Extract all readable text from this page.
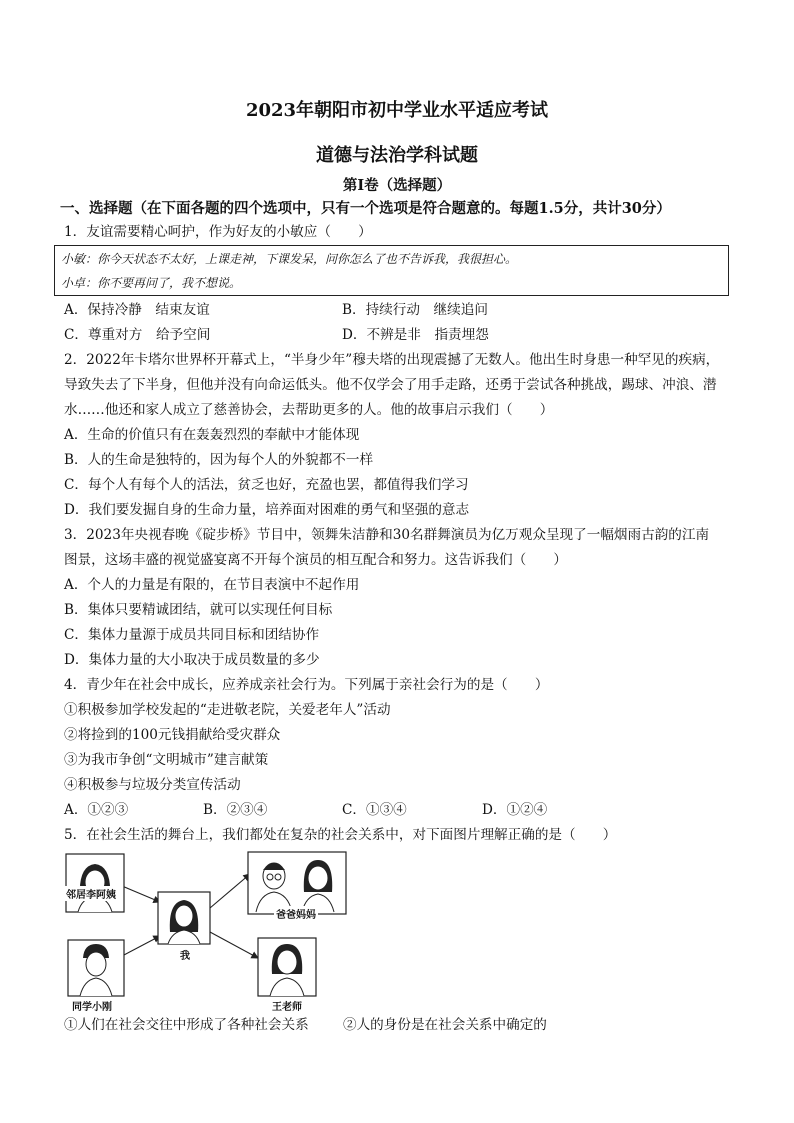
2023年朝阳市初中学业水平适应考试
道德与法治学科试题
第I卷（选择题）
一、选择题（在下面各题的四个选项中，只有一个选项是符合题意的。每题1.5分，共计30分）
1．友谊需要精心呵护，作为好友的小敏应（　　）
小敏：你今天状态不太好，上课走神，下课发呆，问你怎么了也不告诉我，我很担心。
小卓：你不要再问了，我不想说。
A．保持冷静　结束友谊	B．持续行动　继续追问
C．尊重对方　给予空间	D．不辨是非　指责埋怨
2．2022年卡塔尔世界杯开幕式上，“半身少年”穆夫塔的出现震撼了无数人。他出生时身患一种罕见的疾病，
导致失去了下半身，但他并没有向命运低头。他不仅学会了用手走路，还勇于尝试各种挑战，踢球、冲浪、潜
水……他还和家人成立了慈善协会，去帮助更多的人。他的故事启示我们（　　）
A．生命的价值只有在轰轰烈烈的奉献中才能体现
B．人的生命是独特的，因为每个人的外貌都不一样
C．每个人有每个人的活法，贫乏也好，充盈也罢，都值得我们学习
D．我们要发掘自身的生命力量，培养面对困难的勇气和坚强的意志
3．2023年央视春晚《碇步桥》节目中，领舞朱洁静和30名群舞演员为亿万观众呈现了一幅烟雨古韵的江南
图景，这场丰盛的视觉盛宴离不开每个演员的相互配合和努力。这告诉我们（　　）
A．个人的力量是有限的，在节目表演中不起作用
B．集体只要精诚团结，就可以实现任何目标
C．集体力量源于成员共同目标和团结协作
D．集体力量的大小取决于成员数量的多少
4．青少年在社会中成长，应养成亲社会行为。下列属于亲社会行为的是（　　）
①积极参加学校发起的“走进敬老院，关爱老年人”活动
②将捡到的100元钱捐献给受灾群众
③为我市争创“文明城市”建言献策
④积极参与垃圾分类宣传活动
A．①②③	B．②③④	C．①③④	D．①②④
5．在社会生活的舞台上，我们都处在复杂的社会关系中，对下面图片理解正确的是（　　）
邻居李阿姨
我
爸爸妈妈
同学小刚	王老师
①人们在社会交往中形成了各种社会关系	②人的身份是在社会关系中确定的
